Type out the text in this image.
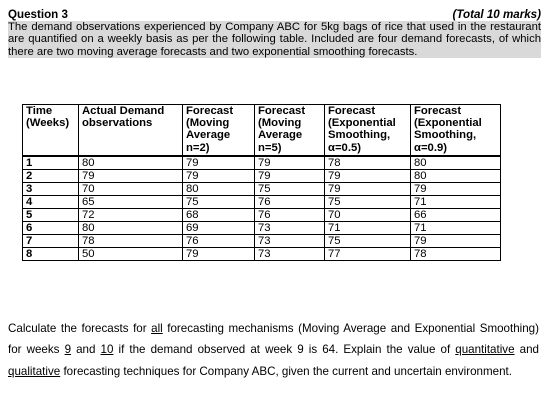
Question 3	(Total 10 marks)

The demand observations experienced by Company ABC for 5kg bags of rice that used in the restaurant are quantified on a weekly basis as per the following table. Included are four demand forecasts, of which there are two moving average forecasts and two exponential smoothing forecasts.

Time (Weeks)	Actual Demand observations	Forecast (Moving Average n=2)	Forecast (Moving Average n=5)	Forecast (Exponential Smoothing, α=0.5)	Forecast (Exponential Smoothing, α=0.9)
1	80	79	79	78	80
2	79	79	79	79	80
3	70	80	75	79	79
4	65	75	76	75	71
5	72	68	76	70	66
6	80	69	73	71	71
7	78	76	73	75	79
8	50	79	73	77	78

Calculate the forecasts for all forecasting mechanisms (Moving Average and Exponential Smoothing) for weeks 9 and 10 if the demand observed at week 9 is 64. Explain the value of quantitative and qualitative forecasting techniques for Company ABC, given the current and uncertain environment.
